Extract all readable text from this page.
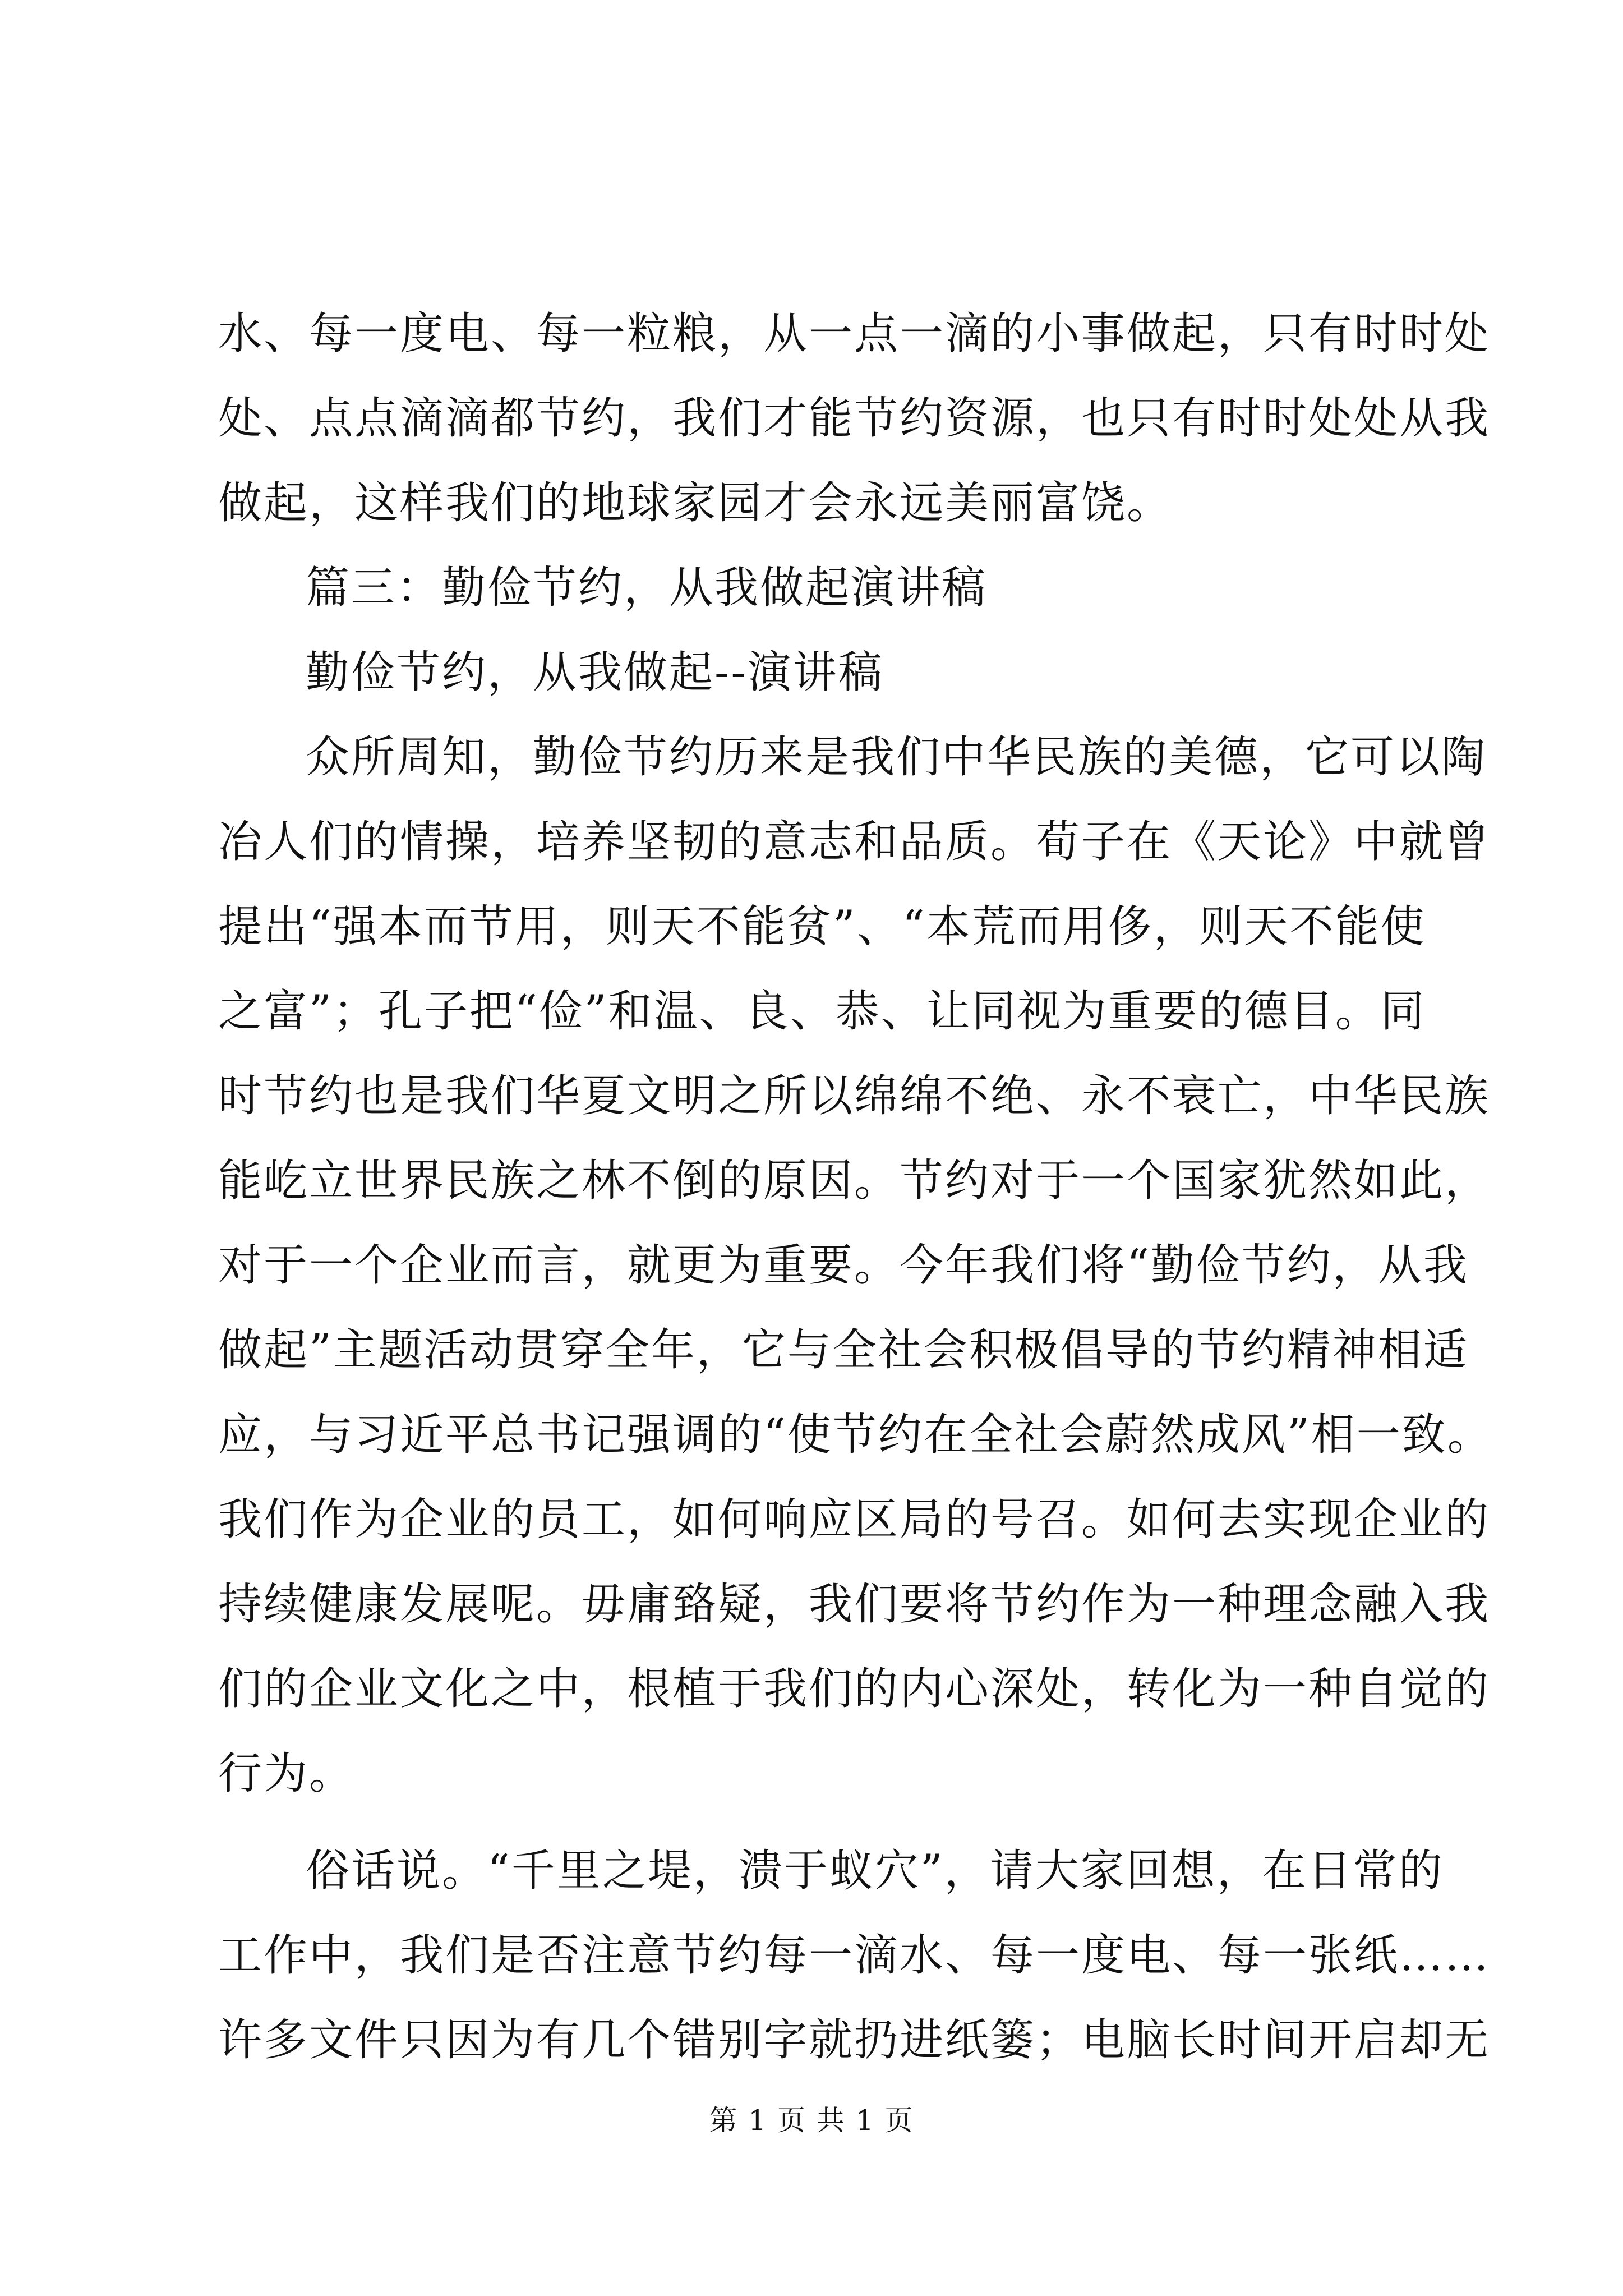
水、每一度电、每一粒粮，从一点一滴的小事做起，只有时时处
处、点点滴滴都节约，我们才能节约资源，也只有时时处处从我
做起，这样我们的地球家园才会永远美丽富饶。
篇三：勤俭节约，从我做起演讲稿
勤俭节约，从我做起--演讲稿
众所周知，勤俭节约历来是我们中华民族的美德，它可以陶
冶人们的情操，培养坚韧的意志和品质。荀子在《天论》中就曾
提出“强本而节用，则天不能贫”、“本荒而用侈，则天不能使
之富”；孔子把“俭”和温、良、恭、让同视为重要的德目。同
时节约也是我们华夏文明之所以绵绵不绝、永不衰亡，中华民族
能屹立世界民族之林不倒的原因。节约对于一个国家犹然如此，
对于一个企业而言，就更为重要。今年我们将“勤俭节约，从我
做起”主题活动贯穿全年，它与全社会积极倡导的节约精神相适
应，与习近平总书记强调的“使节约在全社会蔚然成风”相一致。
我们作为企业的员工，如何响应区局的号召。如何去实现企业的
持续健康发展呢。毋庸臵疑，我们要将节约作为一种理念融入我
们的企业文化之中，根植于我们的内心深处，转化为一种自觉的
行为。
俗话说。“千里之堤，溃于蚁穴”，请大家回想，在日常的
工作中，我们是否注意节约每一滴水、每一度电、每一张纸……
许多文件只因为有几个错别字就扔进纸篓；电脑长时间开启却无
第 1 页 共 1 页
